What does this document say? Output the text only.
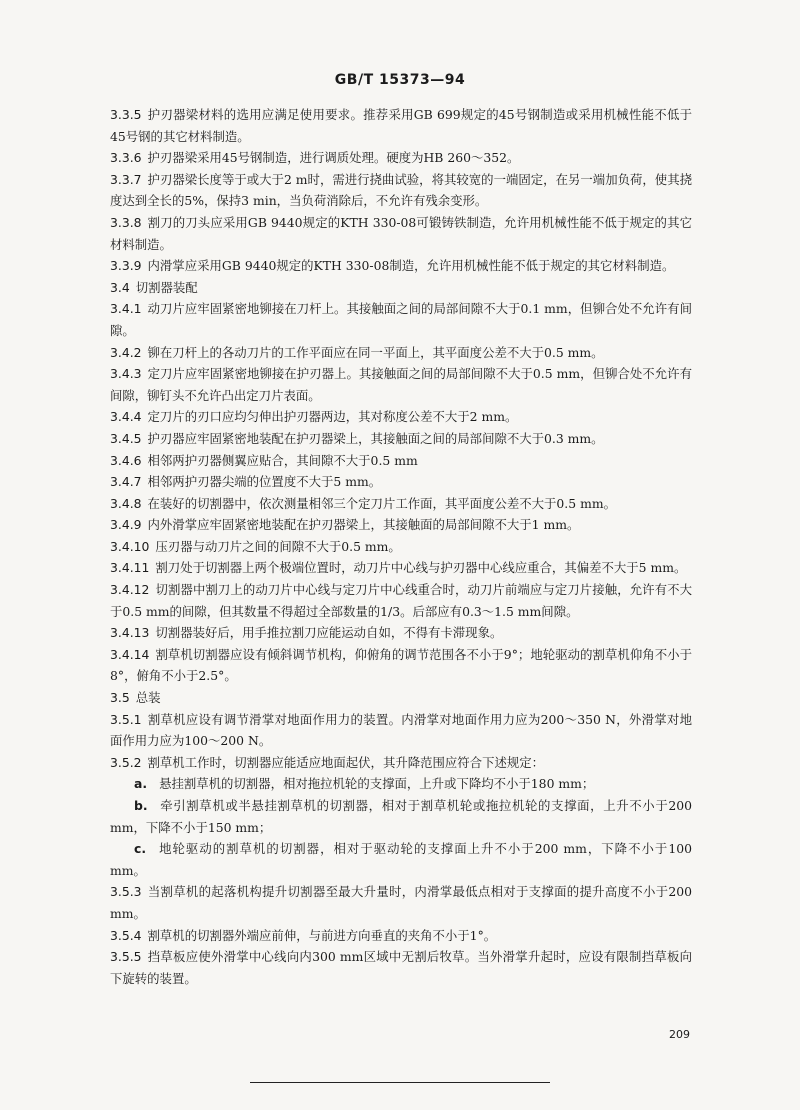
GB/T 15373—94

3.3.5 护刃器梁材料的选用应满足使用要求。推荐采用GB 699规定的45号钢制造或采用机械性能不低于45号钢的其它材料制造。

3.3.6 护刃器梁采用45号钢制造，进行调质处理。硬度为HB 260～352。

3.3.7 护刃器梁长度等于或大于2 m时，需进行挠曲试验，将其较宽的一端固定，在另一端加负荷，使其挠度达到全长的5%，保持3 min，当负荷消除后，不允许有残余变形。

3.3.8 割刀的刀头应采用GB 9440规定的KTH 330-08可锻铸铁制造，允许用机械性能不低于规定的其它材料制造。

3.3.9 内滑掌应采用GB 9440规定的KTH 330-08制造，允许用机械性能不低于规定的其它材料制造。

3.4 切割器装配

3.4.1 动刀片应牢固紧密地铆接在刀杆上。其接触面之间的局部间隙不大于0.1 mm，但铆合处不允许有间隙。

3.4.2 铆在刀杆上的各动刀片的工作平面应在同一平面上，其平面度公差不大于0.5 mm。

3.4.3 定刀片应牢固紧密地铆接在护刃器上。其接触面之间的局部间隙不大于0.5 mm，但铆合处不允许有间隙，铆钉头不允许凸出定刀片表面。

3.4.4 定刀片的刃口应均匀伸出护刃器两边，其对称度公差不大于2 mm。

3.4.5 护刃器应牢固紧密地装配在护刃器梁上，其接触面之间的局部间隙不大于0.3 mm。

3.4.6 相邻两护刃器侧翼应贴合，其间隙不大于0.5 mm

3.4.7 相邻两护刃器尖端的位置度不大于5 mm。

3.4.8 在装好的切割器中，依次测量相邻三个定刀片工作面，其平面度公差不大于0.5 mm。

3.4.9 内外滑掌应牢固紧密地装配在护刃器梁上，其接触面的局部间隙不大于1 mm。

3.4.10 压刃器与动刀片之间的间隙不大于0.5 mm。

3.4.11 割刀处于切割器上两个极端位置时，动刀片中心线与护刃器中心线应重合，其偏差不大于5 mm。

3.4.12 切割器中割刀上的动刀片中心线与定刀片中心线重合时，动刀片前端应与定刀片接触，允许有不大于0.5 mm的间隙，但其数量不得超过全部数量的1/3。后部应有0.3～1.5 mm间隙。

3.4.13 切割器装好后，用手推拉割刀应能运动自如，不得有卡滞现象。

3.4.14 割草机切割器应设有倾斜调节机构，仰俯角的调节范围各不小于9°；地轮驱动的割草机仰角不小于8°，俯角不小于2.5°。

3.5 总装

3.5.1 割草机应设有调节滑掌对地面作用力的装置。内滑掌对地面作用力应为200～350 N，外滑掌对地面作用力应为100～200 N。

3.5.2 割草机工作时，切割器应能适应地面起伏，其升降范围应符合下述规定：

a. 悬挂割草机的切割器，相对拖拉机轮的支撑面，上升或下降均不小于180 mm；

b. 牵引割草机或半悬挂割草机的切割器，相对于割草机轮或拖拉机轮的支撑面，上升不小于200 mm，下降不小于150 mm；

c. 地轮驱动的割草机的切割器，相对于驱动轮的支撑面上升不小于200 mm，下降不小于100 mm。

3.5.3 当割草机的起落机构提升切割器至最大升量时，内滑掌最低点相对于支撑面的提升高度不小于200 mm。

3.5.4 割草机的切割器外端应前伸，与前进方向垂直的夹角不小于1°。

3.5.5 挡草板应使外滑掌中心线向内300 mm区域中无割后牧草。当外滑掌升起时，应设有限制挡草板向下旋转的装置。

209
